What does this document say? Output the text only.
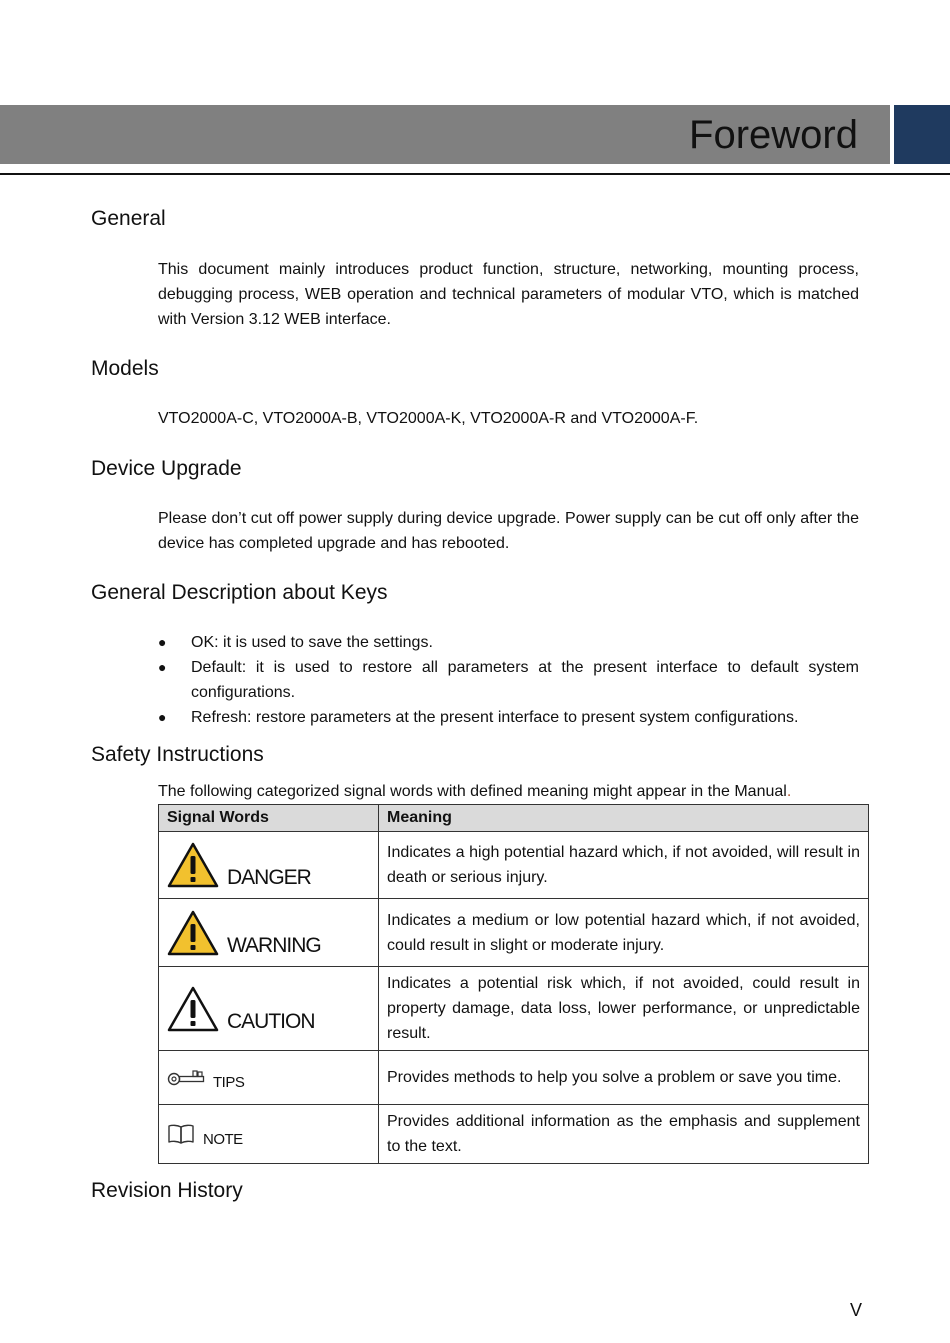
Foreword
General
This document mainly introduces product function, structure, networking, mounting process, debugging process, WEB operation and technical parameters of modular VTO, which is matched with Version 3.12 WEB interface.
Models
VTO2000A-C, VTO2000A-B, VTO2000A-K, VTO2000A-R and VTO2000A-F.
Device Upgrade
Please don’t cut off power supply during device upgrade. Power supply can be cut off only after the device has completed upgrade and has rebooted.
General Description about Keys
● OK: it is used to save the settings.
● Default: it is used to restore all parameters at the present interface to default system configurations.
● Refresh: restore parameters at the present interface to present system configurations.
Safety Instructions
The following categorized signal words with defined meaning might appear in the Manual.
Signal Words	Meaning

DANGER	Indicates a high potential hazard which, if not avoided, will result in death or serious injury.

WARNING	Indicates a medium or low potential hazard which, if not avoided, could result in slight or moderate injury.

CAUTION	Indicates a potential risk which, if not avoided, could result in property damage, data loss, lower performance, or unpredictable result.

TIPS	Provides methods to help you solve a problem or save you time.

NOTE	Provides additional information as the emphasis and supplement to the text.
Revision History
V
